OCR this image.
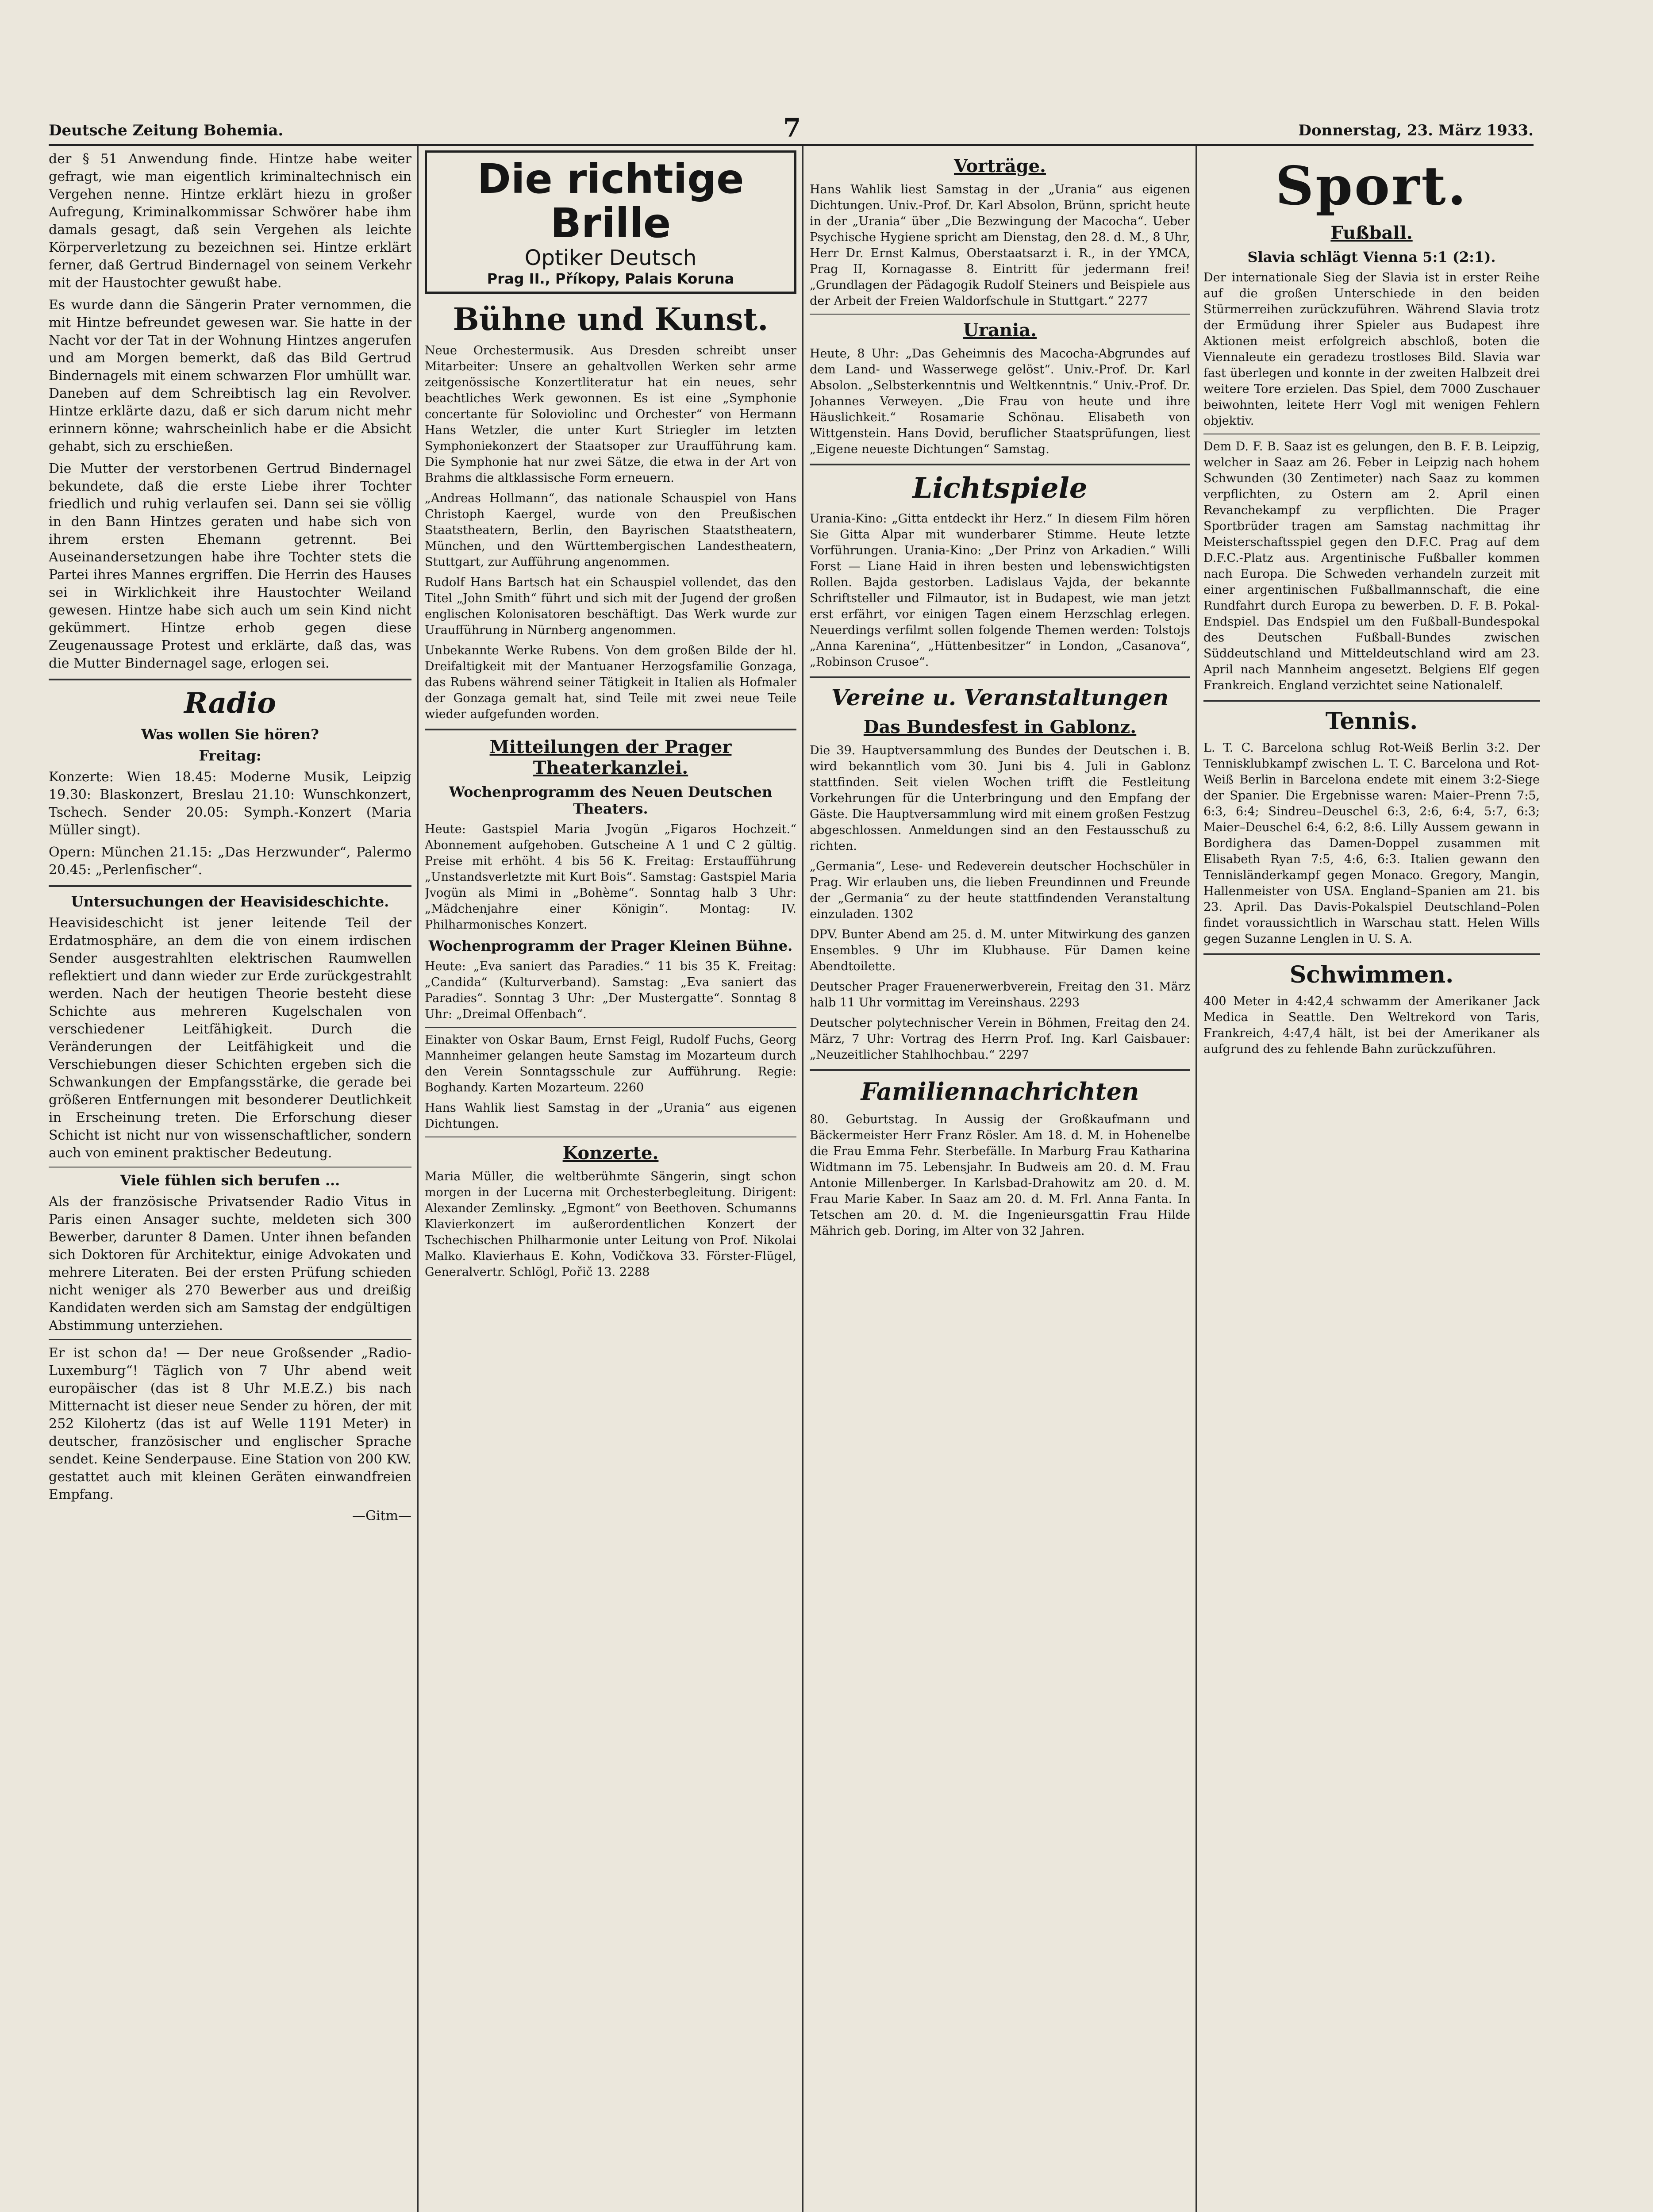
Deutsche Zeitung Bohemia.	7	Donnerstag, 23. März 1933.

der § 51 Anwendung finde. Hintze habe weiter gefragt, wie man eigentlich kriminaltechnisch ein Vergehen nenne. Hintze erklärt hiezu in großer Aufregung, Kriminalkommissar Schwörer habe ihm damals gesagt, daß sein Vergehen als leichte Körperverletzung zu bezeichnen sei. Hintze erklärt ferner, daß Gertrud Bindernagel von seinem Verkehr mit der Haustochter gewußt habe.

Es wurde dann die Sängerin Prater vernommen, die mit Hintze befreundet gewesen war. Sie hatte in der Nacht vor der Tat in der Wohnung Hintzes angerufen und am Morgen bemerkt, daß das Bild Gertrud Bindernagels mit einem schwarzen Flor umhüllt war. Daneben auf dem Schreibtisch lag ein Revolver. Hintze erklärte dazu, daß er sich darum nicht mehr erinnern könne; wahrscheinlich habe er die Absicht gehabt, sich zu erschießen.

Die Mutter der verstorbenen Gertrud Bindernagel bekundete, daß die erste Liebe ihrer Tochter friedlich und ruhig verlaufen sei. Dann sei sie völlig in den Bann Hintzes geraten und habe sich von ihrem ersten Ehemann getrennt. Bei Auseinandersetzungen habe ihre Tochter stets die Partei ihres Mannes ergriffen. Die Herrin des Hauses sei in Wirklichkeit ihre Haustochter Weiland gewesen. Hintze habe sich auch um sein Kind nicht gekümmert. Hintze erhob gegen diese Zeugenaussage Protest und erklärte, daß das, was die Mutter Bindernagel sage, erlogen sei.

Radio
Was wollen Sie hören?
Freitag:

Konzerte: Wien 18.45: Moderne Musik, Leipzig 19.30: Blaskonzert, Breslau 21.10: Wunschkonzert, Tschech. Sender 20.05: Symph.-Konzert (Maria Müller singt).

Opern: München 21.15: „Das Herzwunder“, Palermo 20.45: „Perlenfischer“.

Untersuchungen der Heavisideschichte.

Heavisideschicht ist jener leitende Teil der Erdatmosphäre, an dem die von einem irdischen Sender ausgestrahlten elektrischen Raumwellen reflektiert und dann wieder zur Erde zurückgestrahlt werden. Nach der heutigen Theorie besteht diese Schichte aus mehreren Kugelschalen von verschiedener Leitfähigkeit. Durch die Veränderungen der Leitfähigkeit und die Verschiebungen dieser Schichten ergeben sich die Schwankungen der Empfangsstärke, die gerade bei größeren Entfernungen mit besonderer Deutlichkeit in Erscheinung treten. Die Erforschung dieser Schicht ist nicht nur von wissenschaftlicher, sondern auch von eminent praktischer Bedeutung.

Viele fühlen sich berufen ...

Als der französische Privatsender Radio Vitus in Paris einen Ansager suchte, meldeten sich 300 Bewerber, darunter 8 Damen. Unter ihnen befanden sich Doktoren für Architektur, einige Advokaten und mehrere Literaten. Bei der ersten Prüfung schieden nicht weniger als 270 Bewerber aus und dreißig Kandidaten werden sich am Samstag der endgültigen Abstimmung unterziehen.

Er ist schon da! — Der neue Großsender „Radio-Luxemburg“! Täglich von 7 Uhr abend weit europäischer (das ist 8 Uhr M.E.Z.) bis nach Mitternacht ist dieser neue Sender zu hören, der mit 252 Kilohertz (das ist auf Welle 1191 Meter) in deutscher, französischer und englischer Sprache sendet. Keine Senderpause. Eine Station von 200 KW. gestattet auch mit kleinen Geräten einwandfreien Empfang.

—Gitm—
Die richtige Brille
Optiker Deutsch
Prag II., Příkopy, Palais Koruna
Bühne und Kunst.

Neue Orchestermusik. Aus Dresden schreibt unser Mitarbeiter: Unsere an gehaltvollen Werken sehr arme zeitgenössische Konzertliteratur hat ein neues, sehr beachtliches Werk gewonnen. Es ist eine „Symphonie concertante für Soloviolinc und Orchester“ von Hermann Hans Wetzler, die unter Kurt Striegler im letzten Symphoniekonzert der Staatsoper zur Uraufführung kam. Die Symphonie hat nur zwei Sätze, die etwa in der Art von Brahms die altklassische Form erneuern.

„Andreas Hollmann“, das nationale Schauspiel von Hans Christoph Kaergel, wurde von den Preußischen Staatstheatern, Berlin, den Bayrischen Staatstheatern, München, und den Württembergischen Landestheatern, Stuttgart, zur Aufführung angenommen.

Rudolf Hans Bartsch hat ein Schauspiel vollendet, das den Titel „John Smith“ führt und sich mit der Jugend der großen englischen Kolonisatoren beschäftigt. Das Werk wurde zur Uraufführung in Nürnberg angenommen.

Unbekannte Werke Rubens. Von dem großen Bilde der hl. Dreifaltigkeit mit der Mantuaner Herzogsfamilie Gonzaga, das Rubens während seiner Tätigkeit in Italien als Hofmaler der Gonzaga gemalt hat, sind Teile mit zwei neue Teile wieder aufgefunden worden.

Mitteilungen der Prager Theaterkanzlei.
Wochenprogramm des Neuen Deutschen Theaters.

Heute: Gastspiel Maria Jvogün „Figaros Hochzeit.“ Abonnement aufgehoben. Gutscheine A 1 und C 2 gültig. Preise mit erhöht. 4 bis 56 K. Freitag: Erstaufführung „Unstandsverletzte mit Kurt Bois“. Samstag: Gastspiel Maria Jvogün als Mimi in „Bohème“. Sonntag halb 3 Uhr: „Mädchenjahre einer Königin“. Montag: IV. Philharmonisches Konzert.

Wochenprogramm der Prager Kleinen Bühne.

Heute: „Eva saniert das Paradies.“ 11 bis 35 K. Freitag: „Candida“ (Kulturverband). Samstag: „Eva saniert das Paradies“. Sonntag 3 Uhr: „Der Mustergatte“. Sonntag 8 Uhr: „Dreimal Offenbach“.

Einakter von Oskar Baum, Ernst Feigl, Rudolf Fuchs, Georg Mannheimer gelangen heute Samstag im Mozarteum durch den Verein Sonntagsschule zur Aufführung. Regie: Boghandy. Karten Mozarteum. 2260

Hans Wahlik liest Samstag in der „Urania“ aus eigenen Dichtungen.

Konzerte.

Maria Müller, die weltberühmte Sängerin, singt schon morgen in der Lucerna mit Orchesterbegleitung. Dirigent: Alexander Zemlinsky. „Egmont“ von Beethoven. Schumanns Klavierkonzert im außerordentlichen Konzert der Tschechischen Philharmonie unter Leitung von Prof. Nikolai Malko. Klavierhaus E. Kohn, Vodičkova 33. Förster-Flügel, Generalvertr. Schlögl, Pořič 13. 2288

Vorträge.

Hans Wahlik liest Samstag in der „Urania“ aus eigenen Dichtungen. Univ.-Prof. Dr. Karl Absolon, Brünn, spricht heute in der „Urania“ über „Die Bezwingung der Macocha“. Ueber Psychische Hygiene spricht am Dienstag, den 28. d. M., 8 Uhr, Herr Dr. Ernst Kalmus, Oberstaatsarzt i. R., in der YMCA, Prag II, Kornagasse 8. Eintritt für jedermann frei! „Grundlagen der Pädagogik Rudolf Steiners und Beispiele aus der Arbeit der Freien Waldorfschule in Stuttgart.“ 2277

Urania.

Heute, 8 Uhr: „Das Geheimnis des Macocha-Abgrundes auf dem Land- und Wasserwege gelöst“. Univ.-Prof. Dr. Karl Absolon. „Selbsterkenntnis und Weltkenntnis.“ Univ.-Prof. Dr. Johannes Verweyen. „Die Frau von heute und ihre Häuslichkeit.“ Rosamarie Schönau. Elisabeth von Wittgenstein. Hans Dovid, beruflicher Staatsprüfungen, liest „Eigene neueste Dichtungen“ Samstag.

Lichtspiele

Urania-Kino: „Gitta entdeckt ihr Herz.“ In diesem Film hören Sie Gitta Alpar mit wunderbarer Stimme. Heute letzte Vorführungen. Urania-Kino: „Der Prinz von Arkadien.“ Willi Forst — Liane Haid in ihren besten und lebenswichtigsten Rollen. Bajda gestorben. Ladislaus Vajda, der bekannte Schriftsteller und Filmautor, ist in Budapest, wie man jetzt erst erfährt, vor einigen Tagen einem Herzschlag erlegen. Neuerdings verfilmt sollen folgende Themen werden: Tolstojs „Anna Karenina“, „Hüttenbesitzer“ in London, „Casanova“, „Robinson Crusoe“.

Vereine u. Veranstaltungen
Das Bundesfest in Gablonz.

Die 39. Hauptversammlung des Bundes der Deutschen i. B. wird bekanntlich vom 30. Juni bis 4. Juli in Gablonz stattfinden. Seit vielen Wochen trifft die Festleitung Vorkehrungen für die Unterbringung und den Empfang der Gäste. Die Hauptversammlung wird mit einem großen Festzug abgeschlossen. Anmeldungen sind an den Festausschuß zu richten.

„Germania“, Lese- und Redeverein deutscher Hochschüler in Prag. Wir erlauben uns, die lieben Freundinnen und Freunde der „Germania“ zu der heute stattfindenden Veranstaltung einzuladen. 1302

DPV. Bunter Abend am 25. d. M. unter Mitwirkung des ganzen Ensembles. 9 Uhr im Klubhause. Für Damen keine Abendtoilette.

Deutscher Prager Frauenerwerbverein, Freitag den 31. März halb 11 Uhr vormittag im Vereinshaus. 2293

Deutscher polytechnischer Verein in Böhmen, Freitag den 24. März, 7 Uhr: Vortrag des Herrn Prof. Ing. Karl Gaisbauer: „Neuzeitlicher Stahlhochbau.“ 2297

Familiennachrichten

80. Geburtstag. In Aussig der Großkaufmann und Bäckermeister Herr Franz Rösler. Am 18. d. M. in Hohenelbe die Frau Emma Fehr. Sterbefälle. In Marburg Frau Katharina Widtmann im 75. Lebensjahr. In Budweis am 20. d. M. Frau Antonie Millenberger. In Karlsbad-Drahowitz am 20. d. M. Frau Marie Kaber. In Saaz am 20. d. M. Frl. Anna Fanta. In Tetschen am 20. d. M. die Ingenieursgattin Frau Hilde Mährich geb. Doring, im Alter von 32 Jahren.

Sport.
Fußball.
Slavia schlägt Vienna 5:1 (2:1).

Der internationale Sieg der Slavia ist in erster Reihe auf die großen Unterschiede in den beiden Stürmerreihen zurückzuführen. Während Slavia trotz der Ermüdung ihrer Spieler aus Budapest ihre Aktionen meist erfolgreich abschloß, boten die Viennaleute ein geradezu trostloses Bild. Slavia war fast überlegen und konnte in der zweiten Halbzeit drei weitere Tore erzielen. Das Spiel, dem 7000 Zuschauer beiwohnten, leitete Herr Vogl mit wenigen Fehlern objektiv.

Dem D. F. B. Saaz ist es gelungen, den B. F. B. Leipzig, welcher in Saaz am 26. Feber in Leipzig nach hohem Schwunden (30 Zentimeter) nach Saaz zu kommen verpflichten, zu Ostern am 2. April einen Revanchekampf zu verpflichten. Die Prager Sportbrüder tragen am Samstag nachmittag ihr Meisterschaftsspiel gegen den D.F.C. Prag auf dem D.F.C.-Platz aus. Argentinische Fußballer kommen nach Europa. Die Schweden verhandeln zurzeit mit einer argentinischen Fußballmannschaft, die eine Rundfahrt durch Europa zu bewerben. D. F. B. Pokal-Endspiel. Das Endspiel um den Fußball-Bundespokal des Deutschen Fußball-Bundes zwischen Süddeutschland und Mitteldeutschland wird am 23. April nach Mannheim angesetzt. Belgiens Elf gegen Frankreich. England verzichtet seine Nationalelf.

Tennis.

L. T. C. Barcelona schlug Rot-Weiß Berlin 3:2. Der Tennisklubkampf zwischen L. T. C. Barcelona und Rot-Weiß Berlin in Barcelona endete mit einem 3:2-Siege der Spanier. Die Ergebnisse waren: Maier–Prenn 7:5, 6:3, 6:4; Sindreu–Deuschel 6:3, 2:6, 6:4, 5:7, 6:3; Maier–Deuschel 6:4, 6:2, 8:6. Lilly Aussem gewann in Bordighera das Damen-Doppel zusammen mit Elisabeth Ryan 7:5, 4:6, 6:3. Italien gewann den Tennisländerkampf gegen Monaco. Gregory, Mangin, Hallenmeister von USA. England–Spanien am 21. bis 23. April. Das Davis-Pokalspiel Deutschland–Polen findet voraussichtlich in Warschau statt. Helen Wills gegen Suzanne Lenglen in U. S. A.

Schwimmen.

400 Meter in 4:42,4 schwamm der Amerikaner Jack Medica in Seattle. Den Weltrekord von Taris, Frankreich, 4:47,4 hält, ist bei der Amerikaner als aufgrund des zu fehlende Bahn zurückzuführen.
